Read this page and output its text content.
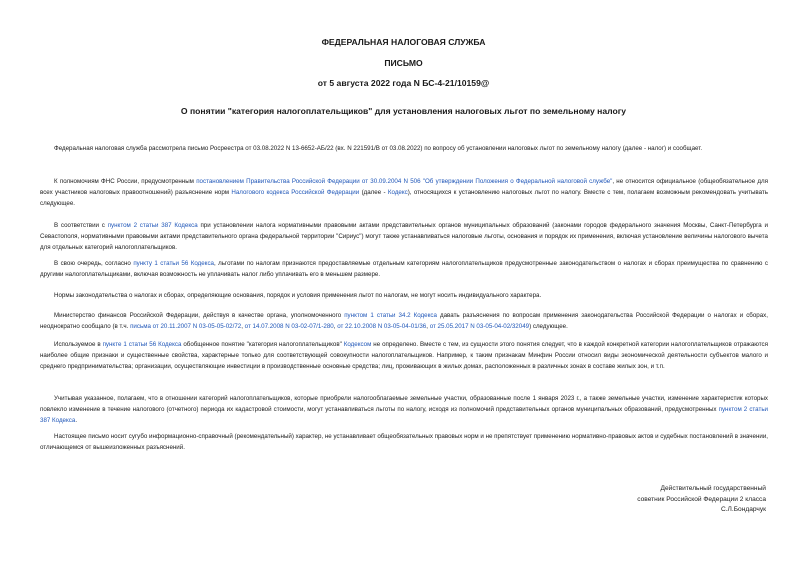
ФЕДЕРАЛЬНАЯ НАЛОГОВАЯ СЛУЖБА
ПИСЬМО
от 5 августа 2022 года N БС-4-21/10159@
О понятии "категория налогоплательщиков" для установления налоговых льгот по земельному налогу
Федеральная налоговая служба рассмотрела письмо Росреестра от 03.08.2022 N 13-6652-АБ/22 (вх. N 221591/В от 03.08.2022) по вопросу об установлении налоговых льгот по земельному налогу (далее - налог) и сообщает.
К полномочиям ФНС России, предусмотренным постановлением Правительства Российской Федерации от 30.09.2004 N 506 "Об утверждении Положения о Федеральной налоговой службе", не относится официальное (общеобязательное для всех участников налоговых правоотношений) разъяснение норм Налогового кодекса Российской Федерации (далее - Кодекс), относящихся к установлению налоговых льгот по налогу. Вместе с тем, полагаем возможным рекомендовать учитывать следующее.
В соответствии с пунктом 2 статьи 387 Кодекса при установлении налога нормативными правовыми актами представительных органов муниципальных образований (законами городов федерального значения Москвы, Санкт-Петербурга и Севастополя, нормативными правовыми актами представительного органа федеральной территории "Сириус") могут также устанавливаться налоговые льготы, основания и порядок их применения, включая установление величины налогового вычета для отдельных категорий налогоплательщиков.
В свою очередь, согласно пункту 1 статьи 56 Кодекса, льготами по налогам признаются предоставляемые отдельным категориям налогоплательщиков предусмотренные законодательством о налогах и сборах преимущества по сравнению с другими налогоплательщиками, включая возможность не уплачивать налог либо уплачивать его в меньшем размере.
Нормы законодательства о налогах и сборах, определяющие основания, порядок и условия применения льгот по налогам, не могут носить индивидуального характера.
Министерство финансов Российской Федерации, действуя в качестве органа, уполномоченного пунктом 1 статьи 34.2 Кодекса давать разъяснения по вопросам применения законодательства Российской Федерации о налогах и сборах, неоднократно сообщало (в т.ч. письма от 20.11.2007 N 03-05-05-02/72, от 14.07.2008 N 03-02-07/1-280, от 22.10.2008 N 03-05-04-01/36, от 25.05.2017 N 03-05-04-02/32049) следующее.
Используемое в пункте 1 статьи 56 Кодекса обобщенное понятие "категория налогоплательщиков" Кодексом не определено. Вместе с тем, из сущности этого понятия следует, что в каждой конкретной категории налогоплательщиков отражаются наиболее общие признаки и существенные свойства, характерные только для соответствующей совокупности налогоплательщиков. Например, к таким признакам Минфин России относил виды экономической деятельности субъектов малого и среднего предпринимательства; организации, осуществляющие инвестиции в производственные основные средства; лиц, проживающих в жилых домах, расположенных в различных зонах в составе жилых зон, и т.п.
Учитывая указанное, полагаем, что в отношении категорий налогоплательщиков, которые приобрели налогооблагаемые земельные участки, образованные после 1 января 2023 г., а также земельные участки, изменение характеристик которых повлекло изменение в течение налогового (отчетного) периода их кадастровой стоимости, могут устанавливаться льготы по налогу, исходя из полномочий представительных органов муниципальных образований, предусмотренных пунктом 2 статьи 387 Кодекса.
Настоящее письмо носит сугубо информационно-справочный (рекомендательный) характер, не устанавливает общеобязательных правовых норм и не препятствует применению нормативно-правовых актов и судебных постановлений в значении, отличающемся от вышеизложенных разъяснений.
Действительный государственный
советник Российской Федерации 2 класса
С.Л.Бондарчук
